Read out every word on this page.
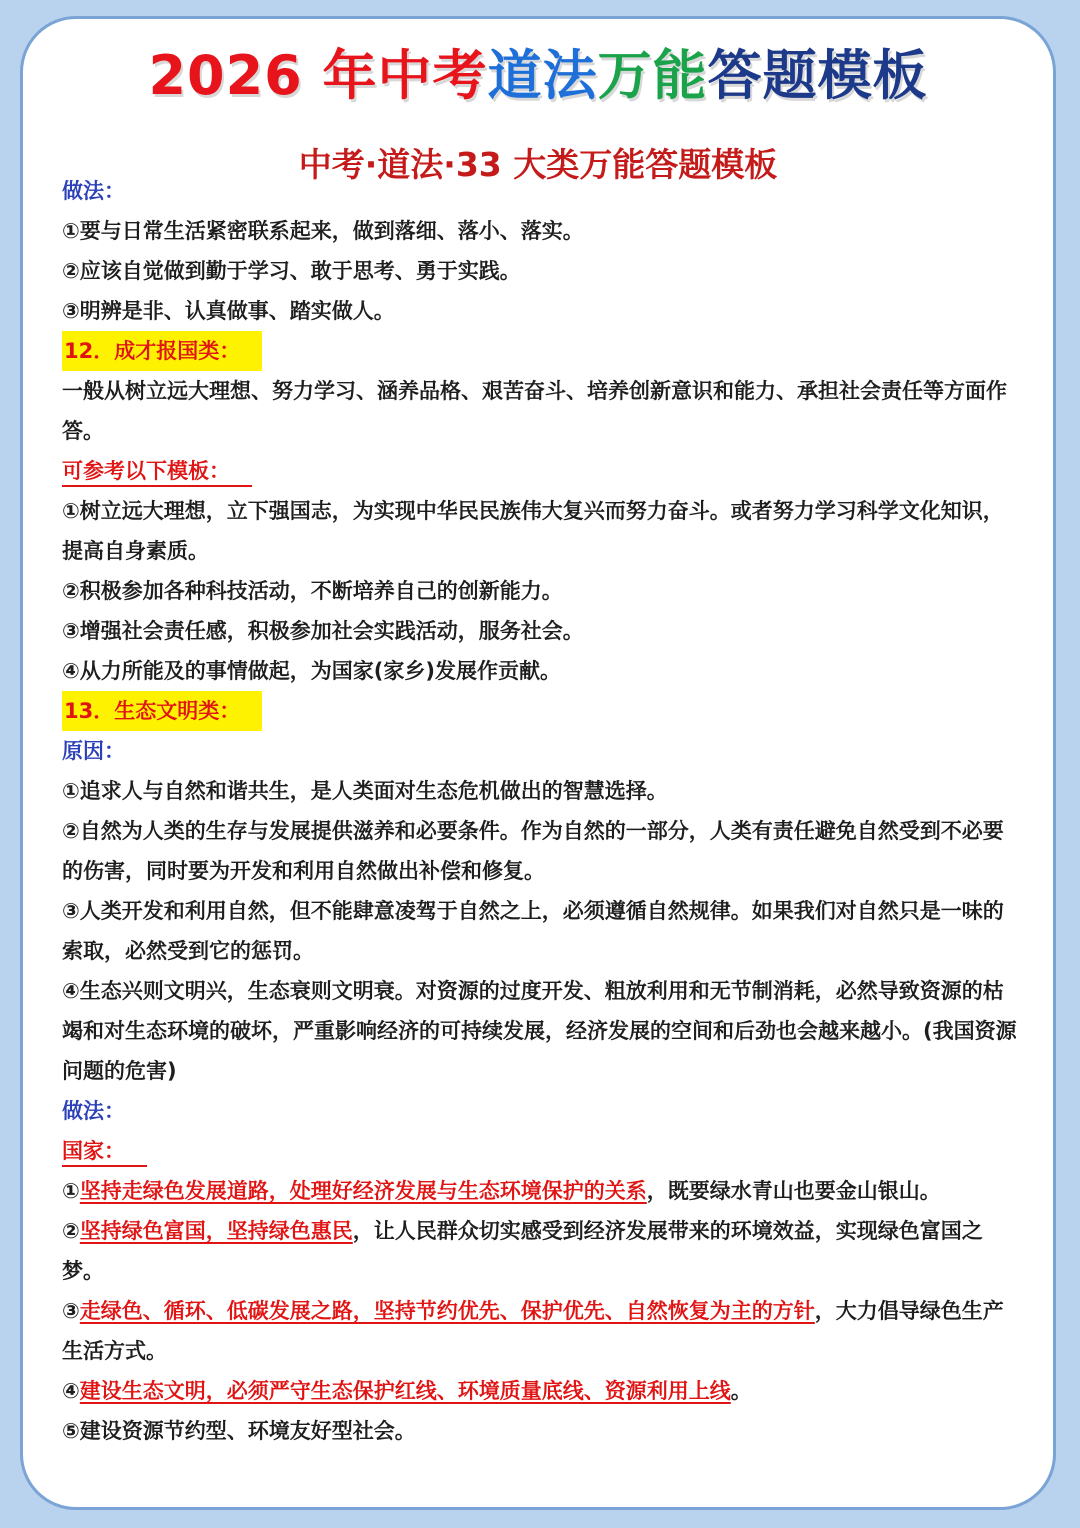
2026 年中考道法万能答题模板
中考·道法·33 大类万能答题模板
做法：
①要与日常生活紧密联系起来，做到落细、落小、落实。
②应该自觉做到勤于学习、敢于思考、勇于实践。
③明辨是非、认真做事、踏实做人。
12．成才报国类：
一般从树立远大理想、努力学习、涵养品格、艰苦奋斗、培养创新意识和能力、承担社会责任等方面作答。
可参考以下模板：
①树立远大理想，立下强国志，为实现中华民民族伟大复兴而努力奋斗。或者努力学习科学文化知识，提高自身素质。
②积极参加各种科技活动，不断培养自己的创新能力。
③增强社会责任感，积极参加社会实践活动，服务社会。
④从力所能及的事情做起，为国家(家乡)发展作贡献。
13．生态文明类：
原因：
①追求人与自然和谐共生，是人类面对生态危机做出的智慧选择。
②自然为人类的生存与发展提供滋养和必要条件。作为自然的一部分，人类有责任避免自然受到不必要的伤害，同时要为开发和利用自然做出补偿和修复。
③人类开发和利用自然，但不能肆意凌驾于自然之上，必须遵循自然规律。如果我们对自然只是一味的索取，必然受到它的惩罚。
④生态兴则文明兴，生态衰则文明衰。对资源的过度开发、粗放利用和无节制消耗，必然导致资源的枯竭和对生态环境的破坏，严重影响经济的可持续发展，经济发展的空间和后劲也会越来越小。(我国资源问题的危害)
做法：
国家：
①坚持走绿色发展道路，处理好经济发展与生态环境保护的关系，既要绿水青山也要金山银山。
②坚持绿色富国，坚持绿色惠民，让人民群众切实感受到经济发展带来的环境效益，实现绿色富国之梦。
③走绿色、循环、低碳发展之路，坚持节约优先、保护优先、自然恢复为主的方针，大力倡导绿色生产生活方式。
④建设生态文明，必须严守生态保护红线、环境质量底线、资源利用上线。
⑤建设资源节约型、环境友好型社会。
